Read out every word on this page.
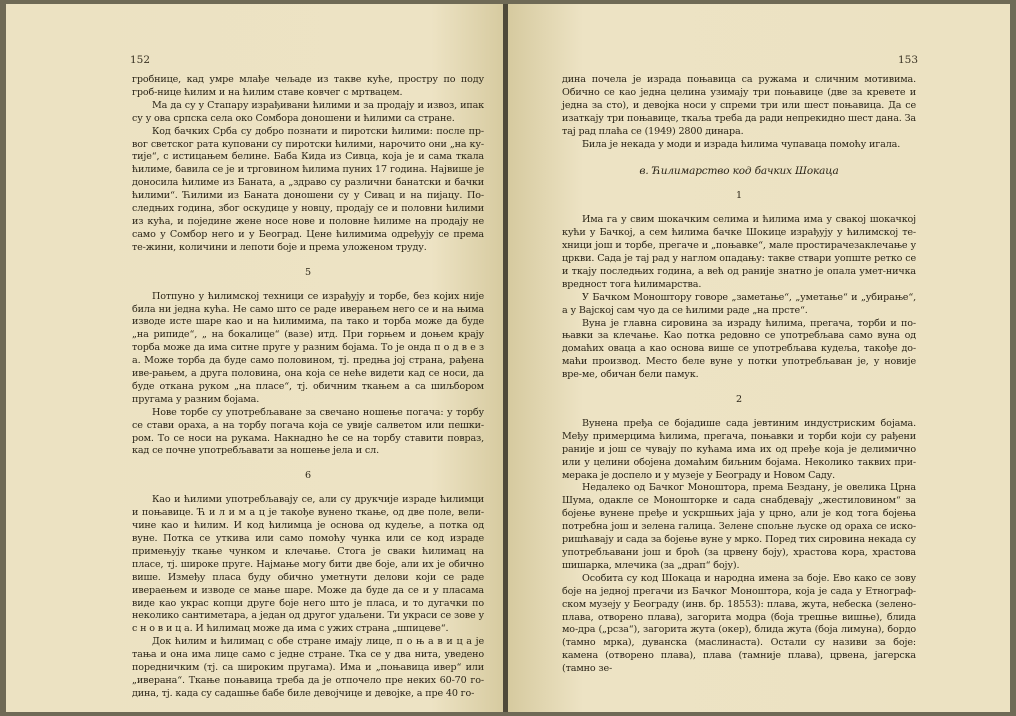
152

гробнице, кад умре млађе чељаде из такве куће, простру по поду гроб-нице ћилим и на ћилим ставе ковчег с мртвацем.

Ма да су у Стапару израђивани ћилими и за продају и извоз, ипак су у ова српска села око Сомбора доношени и ћилими са стране.

Код бачких Срба су добро познати и пиротски ћилими: после пр-вог светског рата куповани су пиротски ћилими, нарочито они „на ку-тије“, с истицањем белине. Баба Кида из Сивца, која је и сама ткала ћилиме, бавила се је и трговином ћилима пуних 17 година. Највише је доносила ћилиме из Баната, а „здраво су различни банатски и бачки ћилими“. Ћилими из Баната доношени су у Сивац и на пијацу. По-следњих година, због оскудице у новцу, продају се и половни ћилими из кућа, и поједине жене носе нове и половне ћилиме на продају не само у Сомбор него и у Београд. Цене ћилимима одређују се према те-жини, количини и лепоти боје и према уложеном труду.

5

Потпуно у ћилимској техници се израђују и торбе, без којих није била ни једна кућа. Не само што се раде иверањем него се и на њима изводе исте шаре као и на ћилимима, па тако и торба може да буде „на рипиде“, „ на бокалице“ (вазе) итд. При горњем и доњем крају торба може да има ситне пруге у разним бојама. То је онда п о д в е з а. Може торба да буде само половином, тј. предња јој страна, рађена иве-рањем, а друга половина, она која се неће видети кад се носи, да буде откана руком „на пласе“, тј. обичним ткањем а са шиљбором пругама у разним бојама.

Нове торбе су употребљаване за свечано ношење погача: у торбу се стави ораха, а на торбу погача која се увије салветом или пешки-ром. То се носи на рукама. Накнадно ће се на торбу ставити повраз, кад се почне употребљавати за ношење јела и сл.

6

Као и ћилими употребљавају се, али су друкчије израде ћилимци и поњавице. Ћ и л и м а ц је такође вунено ткање, од две поле, вели-чине као и ћилим. И код ћилимца је основа од кудеље, а потка од вуне. Потка се уткива или само помоћу чунка или се код израде примењују ткање чунком и клечање. Стога је сваки ћилимац на пласе, тј. широке пруге. Најмање могу бити две боје, али их је обично више. Између пласа буду обично уметнути делови који се раде ивераењем и изводе се мање шаре. Може да буде да се и у пласама виде као украс копци друге боје него што је пласа, и то дугачки по неколико сантиметара, а један од другог удаљени. Ти украси се зове у с н о в и ц а. И ћилимац може да има с ужих страна „шпицеве“.

Док ћилим и ћилимац с обе стране имају лице, п о њ а в и ц а је тања и она има лице само с једне стране. Тка се у два нита, уведено поредничким (тј. са широким пругама). Има и „поњавица ивер“ или „иверана“. Ткање поњавица треба да је отпочело пре неких 60-70 го-дина, тј. када су садашње бабе биле девојчице и девојке, а пре 40 го-

153

дина почела је израда поњавица са ружама и сличним мотивима. Обично се као једна целина узимају три поњавице (две за кревете и једна за сто), и девојка носи у спреми три или шест поњавица. Да се изаткају три поњавице, ткаља треба да ради непрекидно шест дана. За тај рад плаћа се (1949) 2800 динара.

Била је некада у моди и израда ћилима чупаваца помоћу игала.

в. Ћилимарство код бачких Шокаца
1

Има га у свим шокачким селима и ћилима има у свакој шокачкој кући у Бачкој, а сем ћилима бачке Шокице израђују у ћилимској те-хници још и торбе, прегаче и „поњавке“, мале простирачезаклечање у цркви. Сада је тај рад у наглом опадању: такве ствари уопште ретко се и ткају последњих година, а већ од раније знатно је опала умет-ничка вредност тога ћилимарства.

У Бачком Моноштору говоре „заметање“, „уметање“ и „убирање“, а у Вајској сам чуо да се ћилими раде „на прсте“.

Вуна је главна сировина за израду ћилима, прегача, торби и по-њавки за клечање. Као потка редовно се употребљава само вуна од домаћих оваца а као основа више се употребљава кудеља, такође до-маћи производ. Место беле вуне у потки употребљаван је, у новије вре-ме, обичан бели памук.

2

Вунена пређа се бојадише сада јевтиним индустриским бојама. Међу примерцима ћилима, прегача, поњавки и торби који су рађени раније и још се чувају по кућама има их од пређе која је делимично или у целини обојена домаћим биљним бојама. Неколико таквих при-мерака је доспело и у музеје у Београду и Новом Саду.

Недалеко од Бачког Моноштора, према Бездану, је овелика Црна Шума, одакле се Моношторке и сада снабдевају „жестиловином“ за бојење вунене пређе и ускршњих јаја у црно, али је код тога бојења потребна још и зелена галица. Зелене спољне љуске од ораха се иско-ришћавају и сада за бојење вуне у мрко. Поред тих сировина некада су употребљавани још и броћ (за црвену боју), храстова кора, храстова шишарка, млечика (за „драп“ боју).

Особита су код Шокаца и народна имена за боје. Ево како се зову боје на једној прегачи из Бачког Моноштора, која је сада у Етнограф-ском музеју у Београду (инв. бр. 18553): плава, жута, небеска (зелено-плава, отворено плава), загорита модра (боја трешње вишње), блида мо-дра („рсза“), загорита жута (окер), блида жута (боја лимуна), бордо (тамно мрка), дуванска (маслинаста). Остали су називи за боје: камена (отворено плава), плава (тамније плава), црвена, јагерска (тамно зе-
